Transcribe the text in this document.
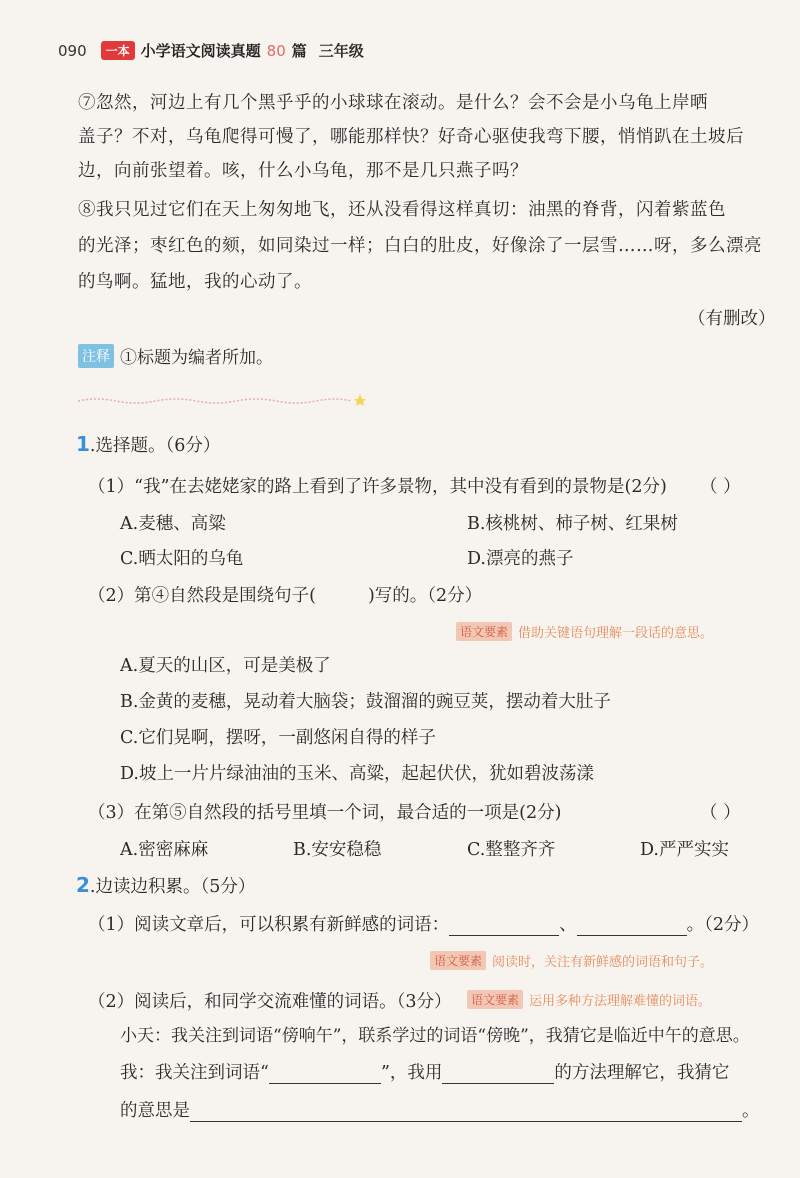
090	一本 小学语文阅读真题 80 篇 三年级
⑦忽然，河边上有几个黑乎乎的小球球在滚动。是什么？会不会是小乌龟上岸晒
盖子？不对，乌龟爬得可慢了，哪能那样快？好奇心驱使我弯下腰，悄悄趴在土坡后
边，向前张望着。咳，什么小乌龟，那不是几只燕子吗？
⑧我只见过它们在天上匆匆地飞，还从没看得这样真切：油黑的脊背，闪着紫蓝色
的光泽；枣红色的颏，如同染过一样；白白的肚皮，好像涂了一层雪……呀，多么漂亮
的鸟啊。猛地，我的心动了。
（有删改）
注释 ①标题为编者所加。
1.选择题。（6分）
（1）“我”在去姥姥家的路上看到了许多景物，其中没有看到的景物是(2分) （ ）
A.麦穗、高粱	B.核桃树、柿子树、红果树
C.晒太阳的乌龟	D.漂亮的燕子
（2）第④自然段是围绕句子(	)写的。（2分）
语文要素 借助关键语句理解一段话的意思。
A.夏天的山区，可是美极了
B.金黄的麦穗，晃动着大脑袋；鼓溜溜的豌豆荚，摆动着大肚子
C.它们晃啊，摆呀，一副悠闲自得的样子
D.坡上一片片绿油油的玉米、高粱，起起伏伏，犹如碧波荡漾
（3）在第⑤自然段的括号里填一个词，最合适的一项是(2分)	（ ）
A.密密麻麻	B.安安稳稳	C.整整齐齐	D.严严实实
2.边读边积累。（5分）
（1）阅读文章后，可以积累有新鲜感的词语：	、	。（2分）
语文要素 阅读时，关注有新鲜感的词语和句子。
（2）阅读后，和同学交流难懂的词语。（3分）	语文要素 运用多种方法理解难懂的词语。
小天：我关注到词语“傍响午”，联系学过的词语“傍晚”，我猜它是临近中午的意思。
我：我关注到词语“	”，我用	的方法理解它，我猜它
的意思是	。
